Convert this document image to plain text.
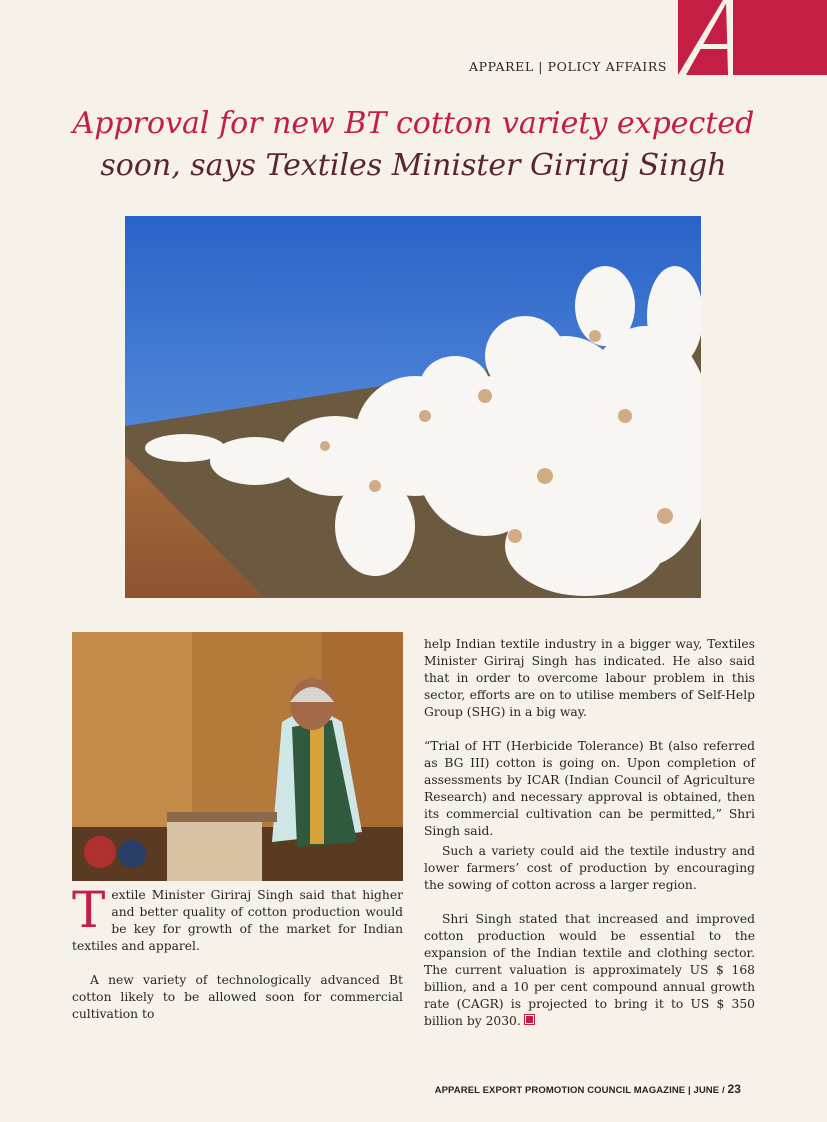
APPAREL | POLICY AFFAIRS
Approval for new BT cotton variety expected
soon, says Textiles Minister Giriraj Singh

Textile Minister Giriraj Singh said that higher and better quality of cotton production would be key for growth of the market for Indian textiles and apparel.

A new variety of technologically advanced Bt cotton likely to be allowed soon for commercial cultivation to

help Indian textile industry in a bigger way, Textiles Minister Giriraj Singh has indicated. He also said that in order to overcome labour problem in this sector, efforts are on to utilise members of Self-Help Group (SHG) in a big way.

“Trial of HT (Herbicide Tolerance) Bt (also referred as BG III) cotton is going on. Upon completion of assessments by ICAR (Indian Council of Agriculture Research) and necessary approval is obtained, then its commercial cultivation can be permitted,” Shri Singh said.

Such a variety could aid the textile industry and lower farmers’ cost of production by encouraging the sowing of cotton across a larger region.

Shri Singh stated that increased and improved cotton production would be essential to the expansion of the Indian textile and clothing sector. The current valuation is approximately US $ 168 billion, and a 10 per cent compound annual growth rate (CAGR) is projected to bring it to US $ 350 billion by 2030.

APPAREL EXPORT PROMOTION COUNCIL MAGAZINE | JUNE / 23
